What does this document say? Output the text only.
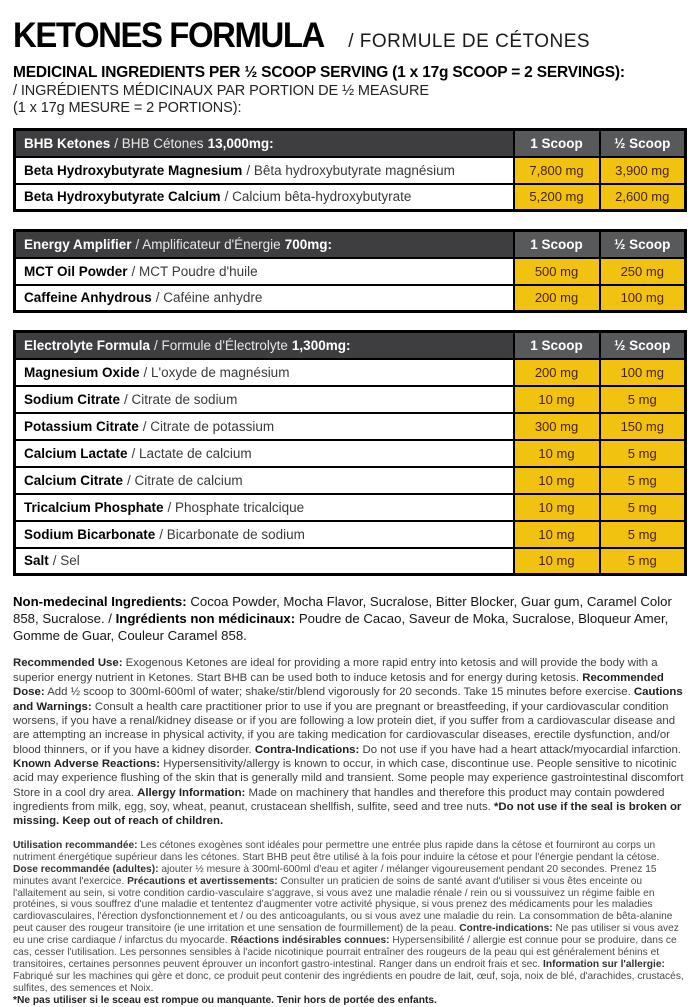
KETONES FORMULA / FORMULE DE CÉTONES

MEDICINAL INGREDIENTS PER ½ SCOOP SERVING (1 x 17g SCOOP = 2 SERVINGS):

/ INGRÉDIENTS MÉDICINAUX PAR PORTION DE ½ MEASURE

(1 x 17g MESURE = 2 PORTIONS):

BHB Ketones / BHB Cétones 13,000mg:	1 Scoop	½ Scoop
Beta Hydroxybutyrate Magnesium / Bêta hydroxybutyrate magnésium	7,800 mg	3,900 mg
Beta Hydroxybutyrate Calcium / Calcium bêta-hydroxybutyrate	5,200 mg	2,600 mg
Energy Amplifier / Amplificateur d'Énergie 700mg:	1 Scoop	½ Scoop
MCT Oil Powder / MCT Poudre d'huile	500 mg	250 mg
Caffeine Anhydrous / Caféine anhydre	200 mg	100 mg
Electrolyte Formula / Formule d'Électrolyte 1,300mg:	1 Scoop	½ Scoop
Magnesium Oxide / L'oxyde de magnésium	200 mg	100 mg
Sodium Citrate / Citrate de sodium	10 mg	5 mg
Potassium Citrate / Citrate de potassium	300 mg	150 mg
Calcium Lactate / Lactate de calcium	10 mg	5 mg
Calcium Citrate / Citrate de calcium	10 mg	5 mg
Tricalcium Phosphate / Phosphate tricalcique	10 mg	5 mg
Sodium Bicarbonate / Bicarbonate de sodium	10 mg	5 mg
Salt / Sel	10 mg	5 mg

Non-medecinal Ingredients: Cocoa Powder, Mocha Flavor, Sucralose, Bitter Blocker, Guar gum, Caramel Color 858, Sucralose. / Ingrédients non médicinaux: Poudre de Cacao, Saveur de Moka, Sucralose, Bloqueur Amer, Gomme de Guar, Couleur Caramel 858.

Recommended Use: Exogenous Ketones are ideal for providing a more rapid entry into ketosis and will provide the body with a superior energy nutrient in Ketones. Start BHB can be used both to induce ketosis and for energy during ketosis. Recommended Dose: Add ½ scoop to 300ml-600ml of water; shake/stir/blend vigorously for 20 seconds. Take 15 minutes before exercise. Cautions and Warnings: Consult a health care practitioner prior to use if you are pregnant or breastfeeding, if your cardiovascular condition worsens, if you have a renal/kidney disease or if you are following a low protein diet, if you suffer from a cardiovascular disease and are attempting an increase in physical activity, if you are taking medication for cardiovascular diseases, erectile dysfunction, and/or blood thinners, or if you have a kidney disorder. Contra-Indications: Do not use if you have had a heart attack/myocardial infarction. Known Adverse Reactions: Hypersensitivity/allergy is known to occur, in which case, discontinue use. People sensitive to nicotinic acid may experience flushing of the skin that is generally mild and transient. Some people may experience gastrointestinal discomfort Store in a cool dry area. Allergy Information: Made on machinery that handles and therefore this product may contain powdered ingredients from milk, egg, soy, wheat, peanut, crustacean shellfish, sulfite, seed and tree nuts. *Do not use if the seal is broken or missing. Keep out of reach of children.

Utilisation recommandée: Les cétones exogènes sont idéales pour permettre une entrée plus rapide dans la cétose et fourniront au corps un nutriment énergétique supérieur dans les cétones. Start BHB peut être utilisé à la fois pour induire la cétose et pour l'énergie pendant la cétose. Dose recommandée (adultes): ajouter ½ mesure à 300ml-600ml d'eau et agiter / mélanger vigoureusement pendant 20 secondes. Prenez 15 minutes avant l'exercice. Précautions et avertissements: Consulter un praticien de soins de santé avant d'utiliser si vous êtes enceinte ou l'allaitement au sein, si votre condition cardio-vasculaire s'aggrave, si vous avez une maladie rénale / rein ou si voussuivez un régime faible en protéines, si vous souffrez d'une maladie et tententez d'augmenter votre activité physique, si vous prenez des médicaments pour les maladies cardiovasculaires, l'érection dysfonctionnement et / ou des anticoagulants, ou si vous avez une maladie du rein. La consommation de bêta-alanine peut causer des rougeur transitoire (ie une irritation et une sensation de fourmillement) de la peau. Contre-indications: Ne pas utiliser si vous avez eu une crise cardiaque / infarctus du myocarde. Réactions indésirables connues: Hypersensibilité / allergie est connue pour se produire, dans ce cas, cesser l'utilisation. Les personnes sensibles à l'acide nicotinique pourrait entraîner des rougeurs de la peau qui est généralement bénins et transitoires, certaines personnes peuvent éprouver un inconfort gastro-intestinal. Ranger dans un endroit frais et sec. Information sur l'allergie: Fabriqué sur les machines qui gère et donc, ce produit peut contenir des ingrédients en poudre de lait, œuf, soja, noix de blé, d'arachides, crustacés, sulfites, des semences et Noix.

*Ne pas utiliser si le sceau est rompue ou manquante. Tenir hors de portée des enfants.
